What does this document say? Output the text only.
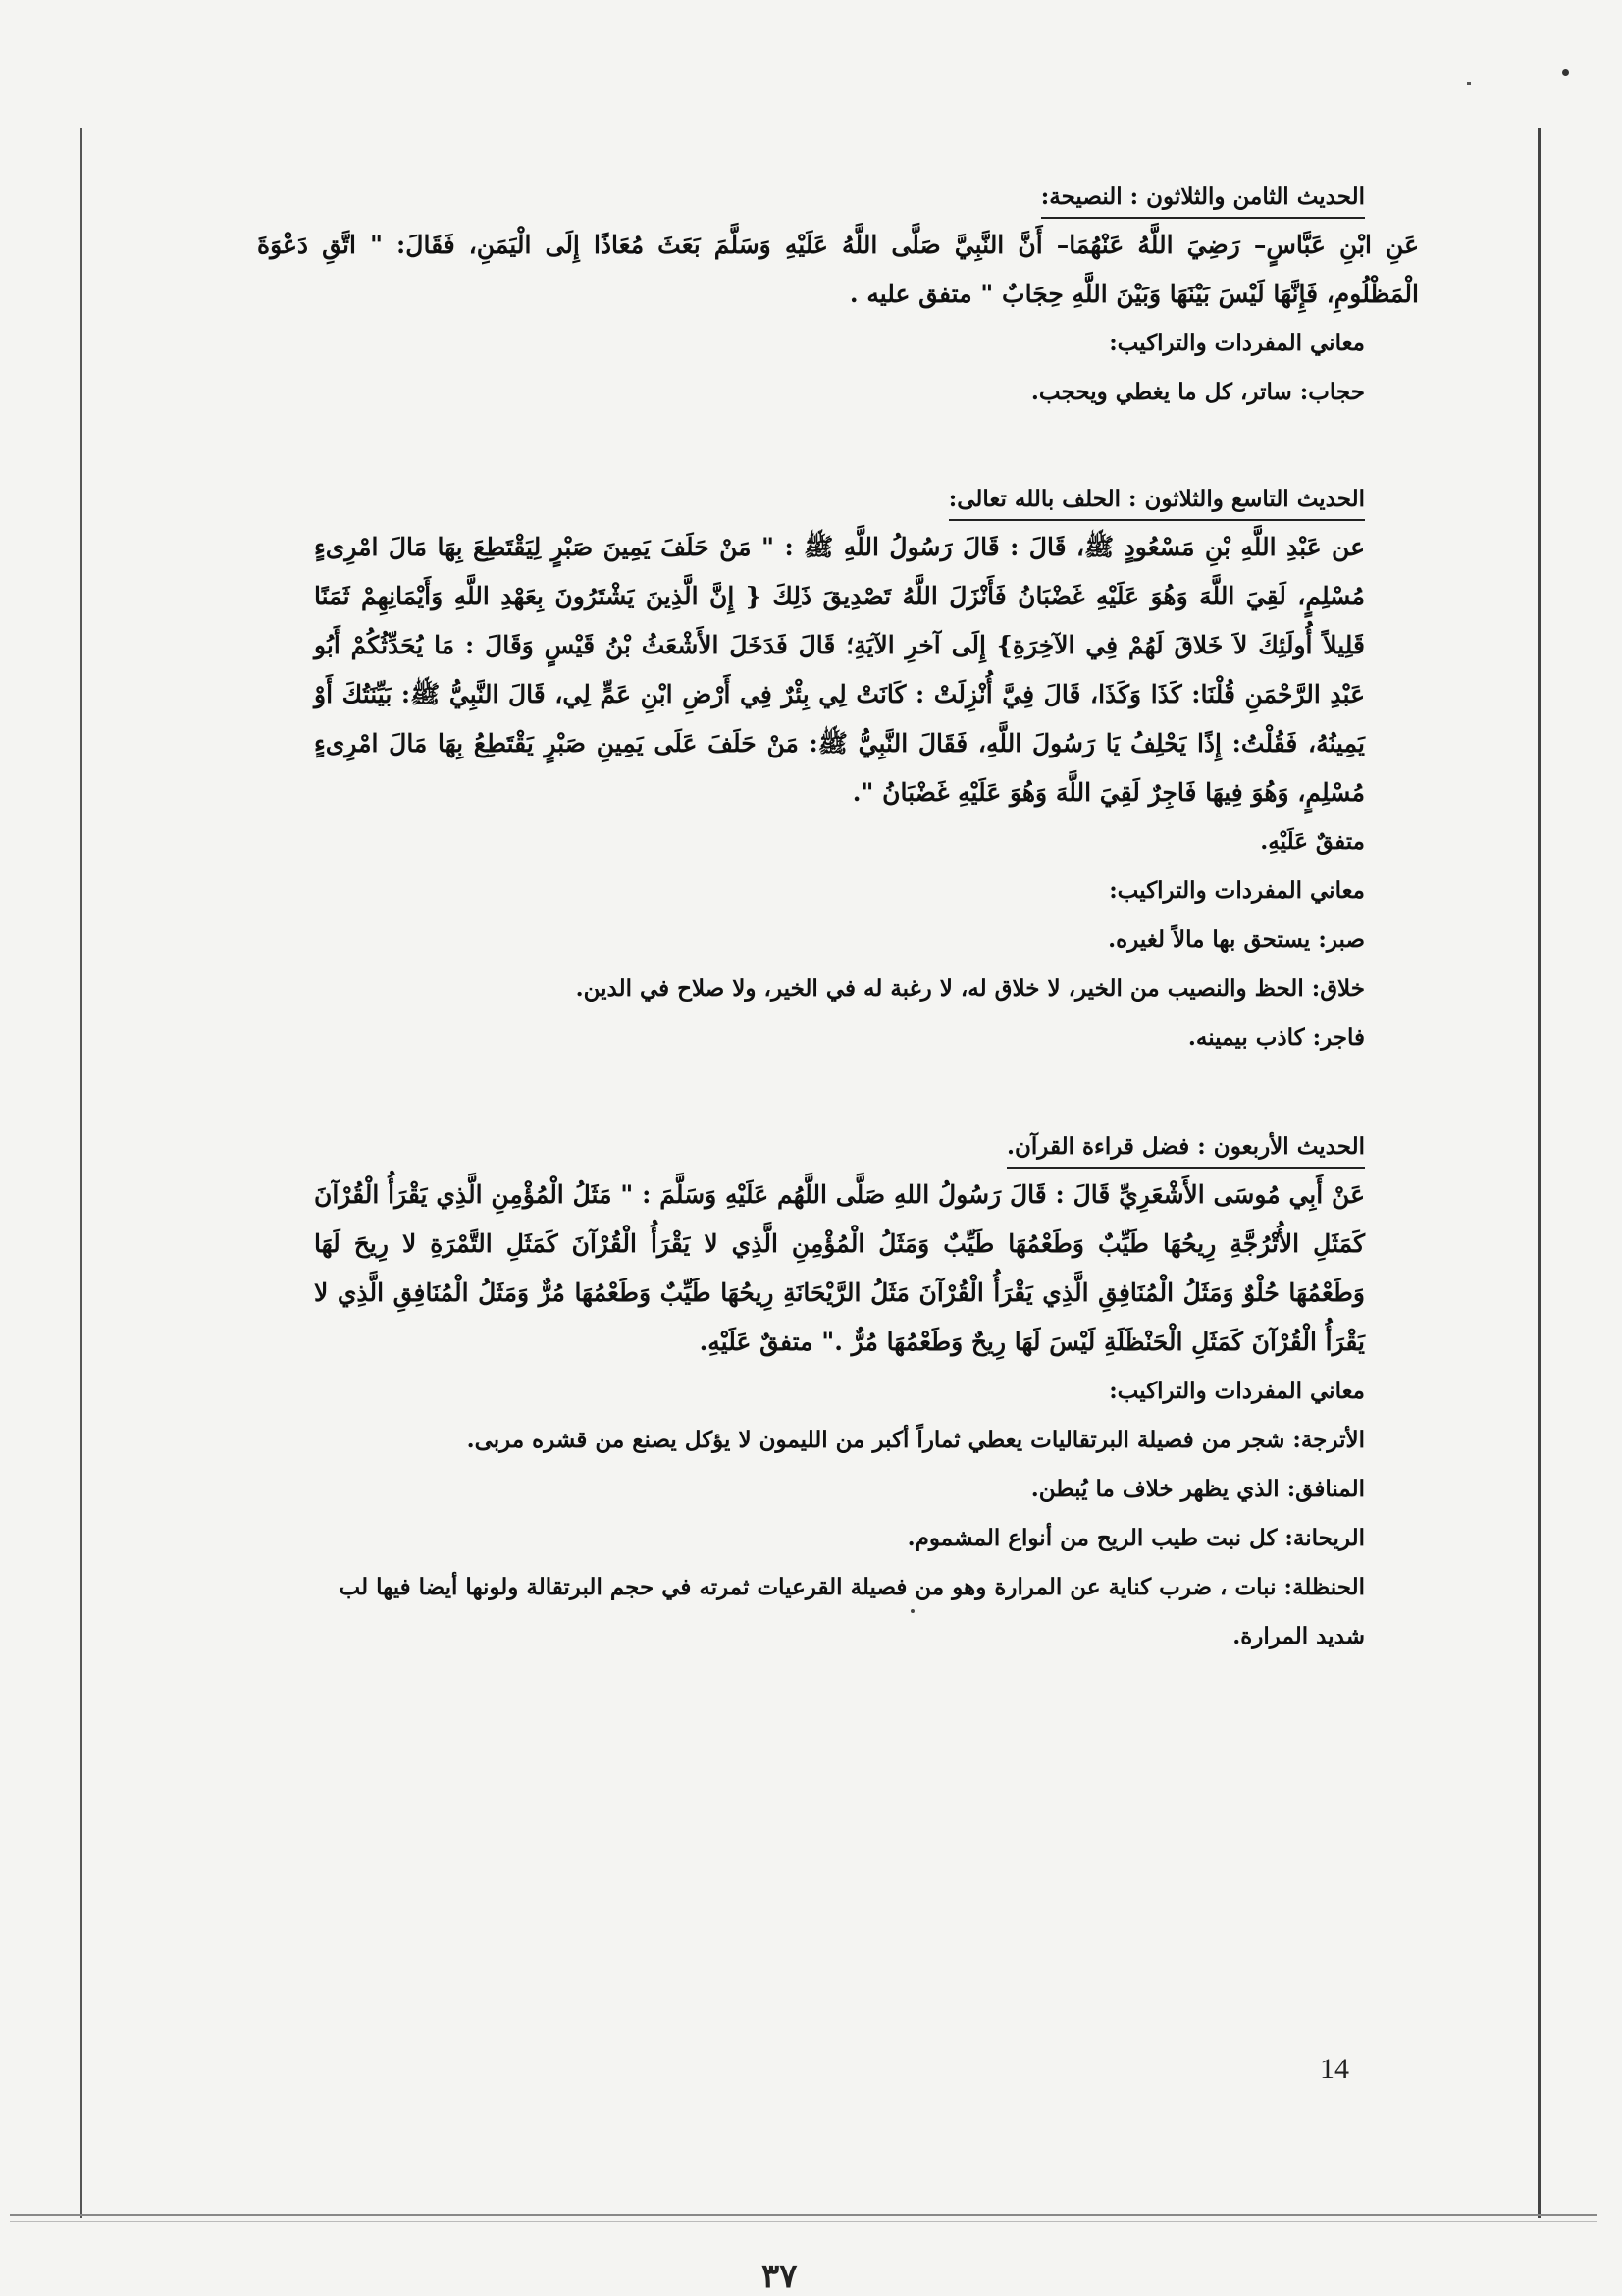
الحديث الثامن والثلاثون : النصيحة:

عَنِ ابْنِ عَبَّاسٍ– رَضِيَ اللَّهُ عَنْهُمَا– أَنَّ النَّبِيَّ صَلَّى اللَّهُ عَلَيْهِ وَسَلَّمَ بَعَثَ مُعَاذًا إِلَى الْيَمَنِ، فَقَالَ: " اتَّقِ دَعْوَةَ الْمَظْلُومِ، فَإِنَّهَا لَيْسَ بَيْنَهَا وَبَيْنَ اللَّهِ حِجَابٌ " متفق عليه .

معاني المفردات والتراكيب:

حجاب: ساتر، كل ما يغطي ويحجب.

الحديث التاسع والثلاثون : الحلف بالله تعالى:

عن عَبْدِ اللَّهِ بْنِ مَسْعُودٍ ﷺ، قَالَ : قَالَ رَسُولُ اللَّهِ ﷺ : " مَنْ حَلَفَ يَمِينَ صَبْرٍ لِيَقْتَطِعَ بِهَا مَالَ امْرِىءٍ مُسْلِمٍ، لَقِيَ اللَّهَ وَهُوَ عَلَيْهِ غَضْبَانُ فَأَنْزَلَ اللَّهُ تَصْدِيقَ ذَلِكَ { إِنَّ الَّذِينَ يَشْتَرُونَ بِعَهْدِ اللَّهِ وَأَيْمَانِهِمْ ثَمَنًا قَلِيلاً أُولَئِكَ لاَ خَلاقَ لَهُمْ فِي الآخِرَةِ} إِلَى آخرِ الآيَةِ؛ قَالَ فَدَخَلَ الأَشْعَثُ بْنُ قَيْسٍ وَقَالَ : مَا يُحَدِّثُكُمْ أَبُو عَبْدِ الرَّحْمَنِ قُلْنَا: كَذَا وَكَذَا، قَالَ فِيَّ أُنْزِلَتْ : كَانَتْ لِي بِئْرٌ فِي أَرْضِ ابْنِ عَمٍّ لِي، قَالَ النَّبِيُّ ﷺ: بَيِّنَتُكَ أَوْ يَمِينُهُ، فَقُلْتُ: إِذًا يَحْلِفُ يَا رَسُولَ اللَّهِ، فَقَالَ النَّبِيُّ ﷺ: مَنْ حَلَفَ عَلَى يَمِينِ صَبْرٍ يَقْتَطِعُ بِهَا مَالَ امْرِىءٍ مُسْلِمٍ، وَهُوَ فِيهَا فَاجِرٌ لَقِيَ اللَّهَ وَهُوَ عَلَيْهِ غَضْبَانُ ".

متفقٌ عَلَيْهِ.

معاني المفردات والتراكيب:

صبر: يستحق بها مالاً لغيره.

خلاق: الحظ والنصيب من الخير، لا خلاق له، لا رغبة له في الخير، ولا صلاح في الدين.

فاجر: كاذب بيمينه.

الحديث الأربعون : فضل قراءة القرآن.

عَنْ أَبِي مُوسَى الأَشْعَرِيِّ قَالَ : قَالَ رَسُولُ اللهِ صَلَّى اللَّهُم عَلَيْهِ وَسَلَّمَ : " مَثَلُ الْمُؤْمِنِ الَّذِي يَقْرَأُ الْقُرْآنَ كَمَثَلِ الأُتْرُجَّةِ رِيحُهَا طَيِّبٌ وَطَعْمُهَا طَيِّبٌ وَمَثَلُ الْمُؤْمِنِ الَّذِي لا يَقْرَأُ الْقُرْآنَ كَمَثَلِ التَّمْرَةِ لا رِيحَ لَهَا وَطَعْمُهَا حُلْوٌ وَمَثَلُ الْمُنَافِقِ الَّذِي يَقْرَأُ الْقُرْآنَ مَثَلُ الرَّيْحَانَةِ رِيحُهَا طَيِّبٌ وَطَعْمُهَا مُرٌّ وَمَثَلُ الْمُنَافِقِ الَّذِي لا يَقْرَأُ الْقُرْآنَ كَمَثَلِ الْحَنْظَلَةِ لَيْسَ لَهَا رِيحٌ وَطَعْمُهَا مُرٌّ ." متفقٌ عَلَيْهِ.

معاني المفردات والتراكيب:

الأترجة: شجر من فصيلة البرتقاليات يعطي ثماراً أكبر من الليمون لا يؤكل يصنع من قشره مربى.

المنافق: الذي يظهر خلاف ما يُبطن.

الريحانة: كل نبت طيب الريح من أنواع المشموم.

الحنظلة: نبات ، ضرب كناية عن المرارة وهو من فصيلة القرعيات ثمرته في حجم البرتقالة ولونها أيضا فيها لب شديد المرارة.

14
٣٧
